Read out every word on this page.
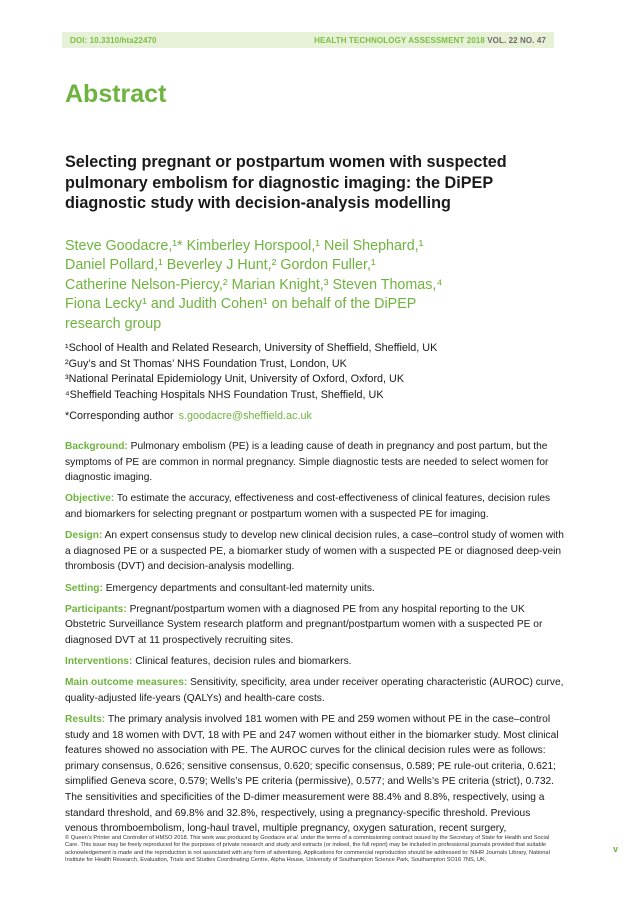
DOI: 10.3310/hta22470	HEALTH TECHNOLOGY ASSESSMENT 2018 VOL. 22 NO. 47
Abstract
Selecting pregnant or postpartum women with suspected pulmonary embolism for diagnostic imaging: the DiPEP diagnostic study with decision-analysis modelling

Steve Goodacre,¹* Kimberley Horspool,¹ Neil Shephard,¹
Daniel Pollard,¹ Beverley J Hunt,² Gordon Fuller,¹
Catherine Nelson-Piercy,² Marian Knight,³ Steven Thomas,⁴
Fiona Lecky¹ and Judith Cohen¹ on behalf of the DiPEP
research group

¹School of Health and Related Research, University of Sheffield, Sheffield, UK
²Guy’s and St Thomas’ NHS Foundation Trust, London, UK
³National Perinatal Epidemiology Unit, University of Oxford, Oxford, UK
⁴Sheffield Teaching Hospitals NHS Foundation Trust, Sheffield, UK
*Corresponding author s.goodacre@sheffield.ac.uk

Background: Pulmonary embolism (PE) is a leading cause of death in pregnancy and post partum, but the symptoms of PE are common in normal pregnancy. Simple diagnostic tests are needed to select women for diagnostic imaging.

Objective: To estimate the accuracy, effectiveness and cost-effectiveness of clinical features, decision rules and biomarkers for selecting pregnant or postpartum women with a suspected PE for imaging.

Design: An expert consensus study to develop new clinical decision rules, a case–control study of women with a diagnosed PE or a suspected PE, a biomarker study of women with a suspected PE or diagnosed deep-vein thrombosis (DVT) and decision-analysis modelling.

Setting: Emergency departments and consultant-led maternity units.

Participants: Pregnant/postpartum women with a diagnosed PE from any hospital reporting to the UK Obstetric Surveillance System research platform and pregnant/postpartum women with a suspected PE or diagnosed DVT at 11 prospectively recruiting sites.

Interventions: Clinical features, decision rules and biomarkers.

Main outcome measures: Sensitivity, specificity, area under receiver operating characteristic (AUROC) curve, quality-adjusted life-years (QALYs) and health-care costs.

Results: The primary analysis involved 181 women with PE and 259 women without PE in the case–control study and 18 women with DVT, 18 with PE and 247 women without either in the biomarker study. Most clinical features showed no association with PE. The AUROC curves for the clinical decision rules were as follows: primary consensus, 0.626; sensitive consensus, 0.620; specific consensus, 0.589; PE rule-out criteria, 0.621; simplified Geneva score, 0.579; Wells’s PE criteria (permissive), 0.577; and Wells’s PE criteria (strict), 0.732. The sensitivities and specificities of the D-dimer measurement were 88.4% and 8.8%, respectively, using a standard threshold, and 69.8% and 32.8%, respectively, using a pregnancy-specific threshold. Previous venous thromboembolism, long-haul travel, multiple pregnancy, oxygen saturation, recent surgery,

© Queen’s Printer and Controller of HMSO 2018. This work was produced by Goodacre et al. under the terms of a commissioning contract issued by the Secretary of State for Health and Social Care. This issue may be freely reproduced for the purposes of private research and study and extracts (or indeed, the full report) may be included in professional journals provided that suitable acknowledgement is made and the reproduction is not associated with any form of advertising. Applications for commercial reproduction should be addressed to: NIHR Journals Library, National Institute for Health Research, Evaluation, Trials and Studies Coordinating Centre, Alpha House, University of Southampton Science Park, Southampton SO16 7NS, UK.
v
